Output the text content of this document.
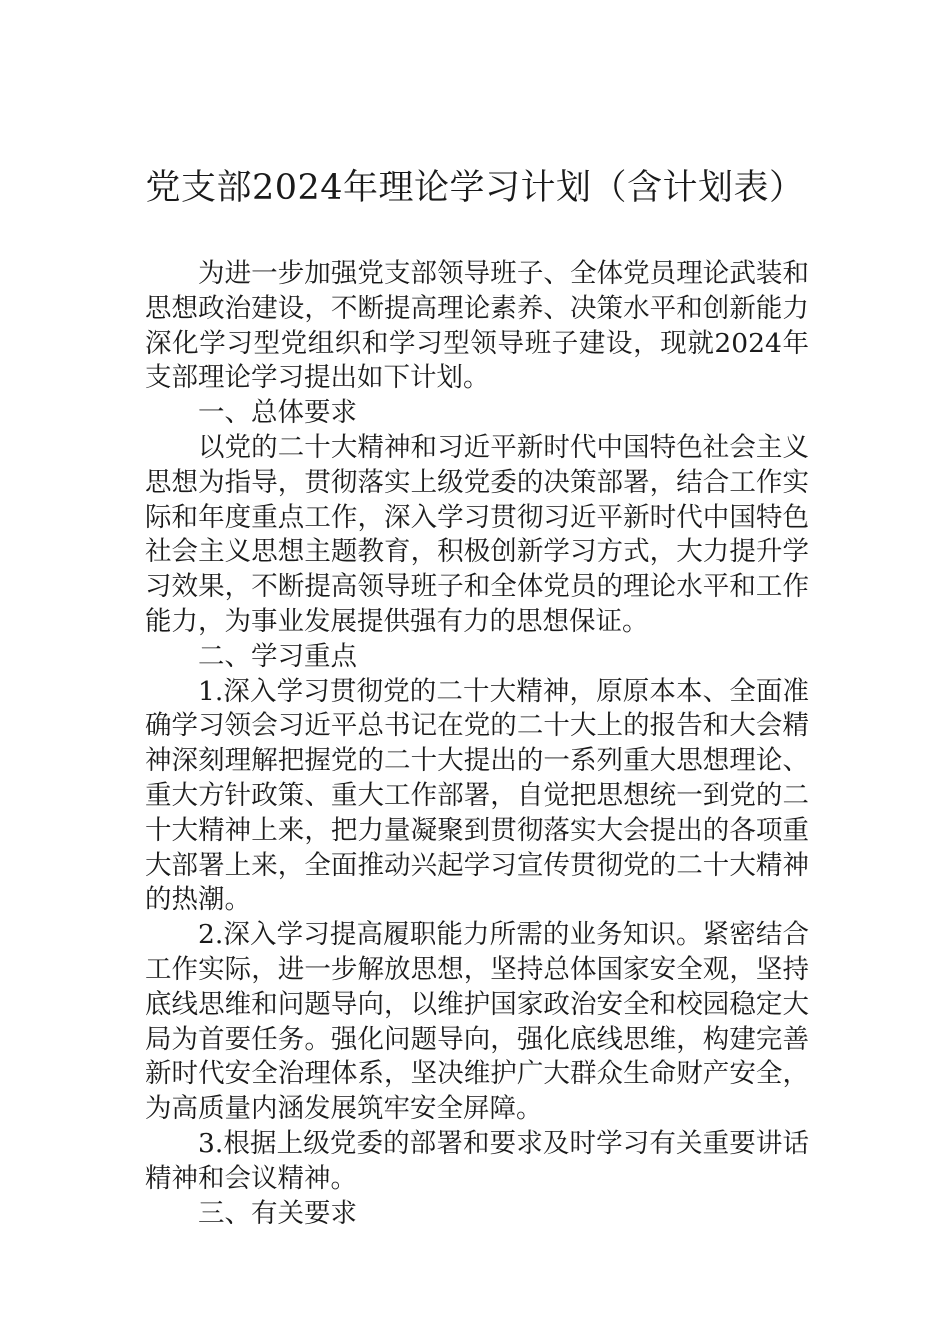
党支部2024年理论学习计划（含计划表）

为进一步加强党支部领导班子、全体党员理论武装和思想政治建设，不断提高理论素养、决策水平和创新能力深化学习型党组织和学习型领导班子建设，现就2024年支部理论学习提出如下计划。

一、总体要求

以党的二十大精神和习近平新时代中国特色社会主义思想为指导，贯彻落实上级党委的决策部署，结合工作实际和年度重点工作，深入学习贯彻习近平新时代中国特色社会主义思想主题教育，积极创新学习方式，大力提升学习效果，不断提高领导班子和全体党员的理论水平和工作能力，为事业发展提供强有力的思想保证。

二、学习重点

1.深入学习贯彻党的二十大精神，原原本本、全面准确学习领会习近平总书记在党的二十大上的报告和大会精神深刻理解把握党的二十大提出的一系列重大思想理论、重大方针政策、重大工作部署，自觉把思想统一到党的二十大精神上来，把力量凝聚到贯彻落实大会提出的各项重大部署上来，全面推动兴起学习宣传贯彻党的二十大精神的热潮。

2.深入学习提高履职能力所需的业务知识。紧密结合工作实际，进一步解放思想，坚持总体国家安全观，坚持底线思维和问题导向，以维护国家政治安全和校园稳定大局为首要任务。强化问题导向，强化底线思维，构建完善新时代安全治理体系，坚决维护广大群众生命财产安全，为高质量内涵发展筑牢安全屏障。

3.根据上级党委的部署和要求及时学习有关重要讲话精神和会议精神。

三、有关要求
